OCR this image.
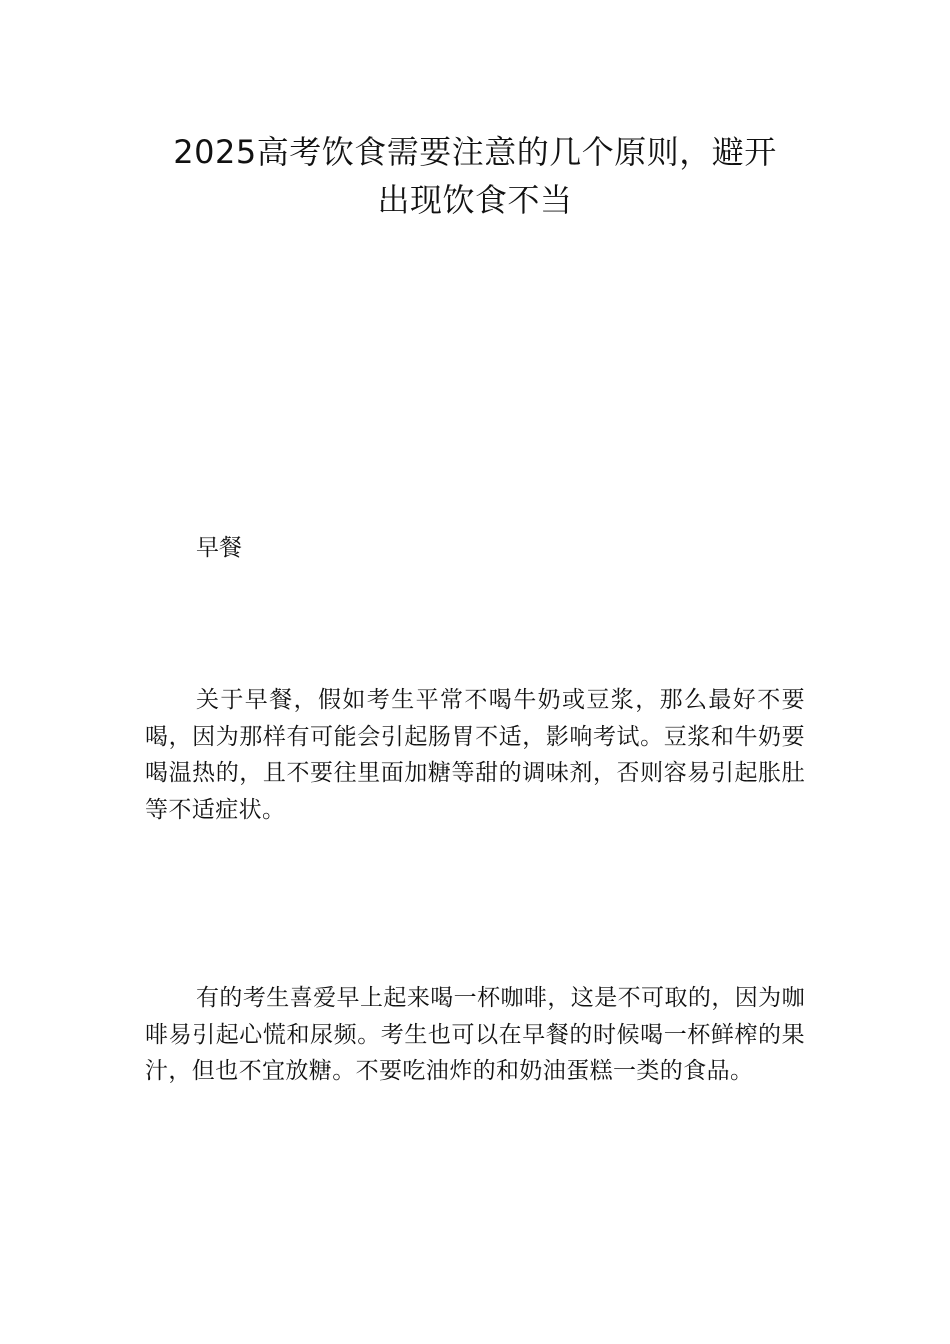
2025高考饮食需要注意的几个原则，避开
出现饮食不当
早餐

关于早餐，假如考生平常不喝牛奶或豆浆，那么最好不要喝，因为那样有可能会引起肠胃不适，影响考试。豆浆和牛奶要喝温热的，且不要往里面加糖等甜的调味剂，否则容易引起胀肚等不适症状。

有的考生喜爱早上起来喝一杯咖啡，这是不可取的，因为咖啡易引起心慌和尿频。考生也可以在早餐的时候喝一杯鲜榨的果汁，但也不宜放糖。不要吃油炸的和奶油蛋糕一类的食品。
